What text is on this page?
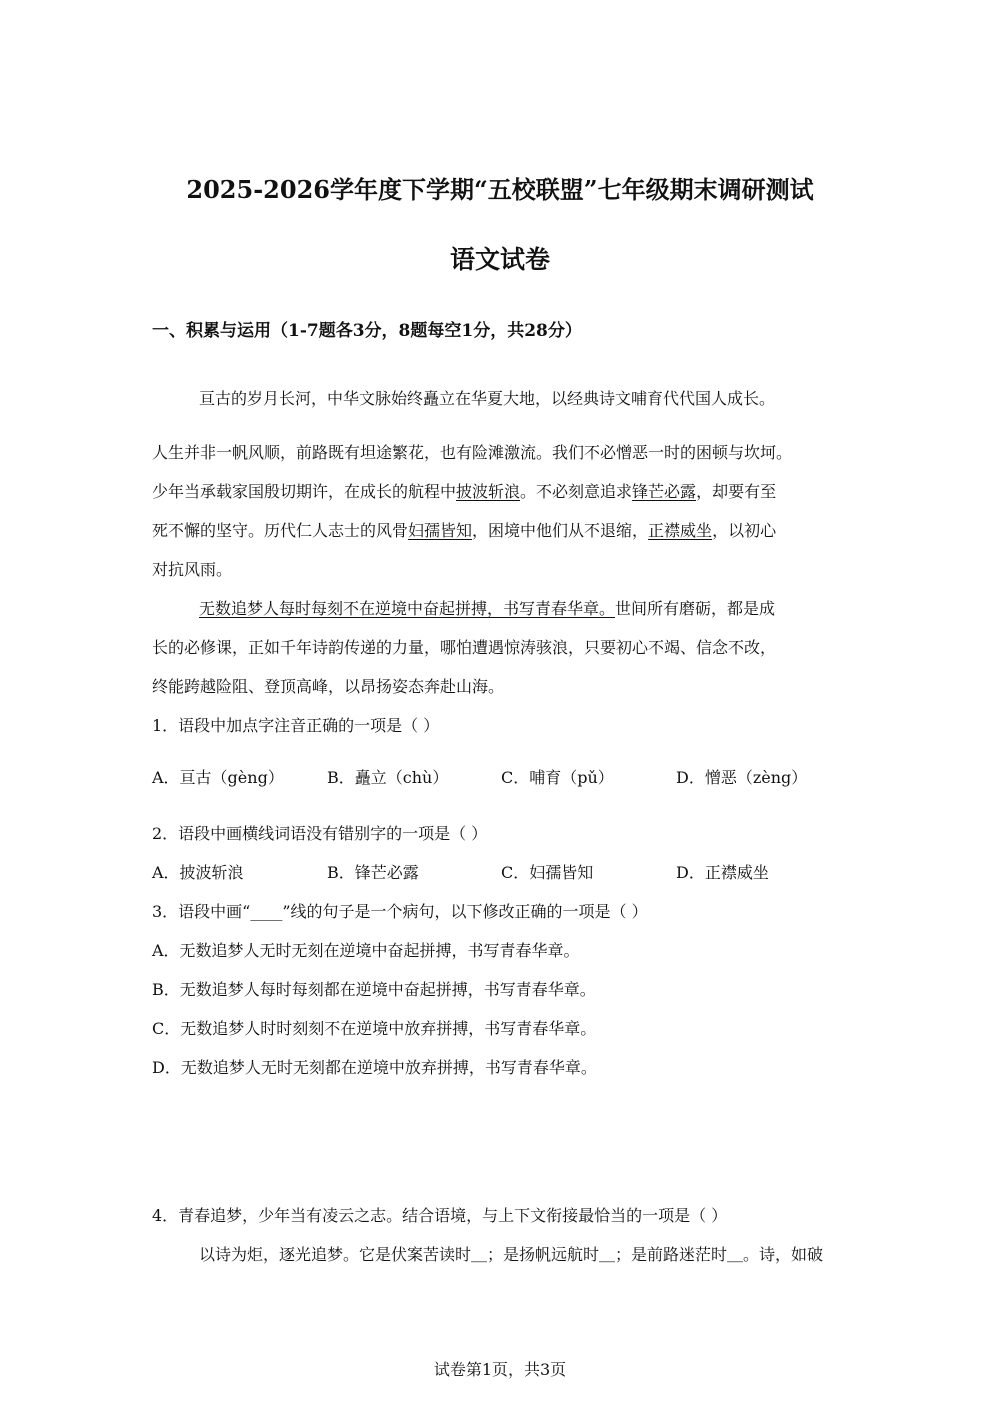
2025-2026学年度下学期“五校联盟”七年级期末调研测试
语文试卷
一、积累与运用（1-7题各3分，8题每空1分，共28分）
亘古的岁月长河，中华文脉始终矗立在华夏大地，以经典诗文哺育代代国人成长。
人生并非一帆风顺，前路既有坦途繁花，也有险滩激流。我们不必憎恶一时的困顿与坎坷。
少年当承载家国殷切期许，在成长的航程中披波斩浪。不必刻意追求锋芒必露，却要有至
死不懈的坚守。历代仁人志士的风骨妇孺皆知，困境中他们从不退缩，正襟威坐，以初心
对抗风雨。
无数追梦人每时每刻不在逆境中奋起拼搏，书写青春华章。世间所有磨砺，都是成
长的必修课，正如千年诗韵传递的力量，哪怕遭遇惊涛骇浪，只要初心不竭、信念不改，
终能跨越险阻、登顶高峰，以昂扬姿态奔赴山海。
1．语段中加点字注音正确的一项是（ ）
A．亘古（gèng）	B．矗立（chù）	C．哺育（pǔ）	D．憎恶（zèng）
2．语段中画横线词语没有错别字的一项是（ ）
A．披波斩浪	B．锋芒必露	C．妇孺皆知	D．正襟威坐
3．语段中画“____”线的句子是一个病句，以下修改正确的一项是（ ）
A．无数追梦人无时无刻在逆境中奋起拼搏，书写青春华章。
B．无数追梦人每时每刻都在逆境中奋起拼搏，书写青春华章。
C．无数追梦人时时刻刻不在逆境中放弃拼搏，书写青春华章。
D．无数追梦人无时无刻都在逆境中放弃拼搏，书写青春华章。
4．青春追梦，少年当有凌云之志。结合语境，与上下文衔接最恰当的一项是（ ）
以诗为炬，逐光追梦。它是伏案苦读时＿；是扬帆远航时＿；是前路迷茫时＿。诗，如破
试卷第1页，共3页
